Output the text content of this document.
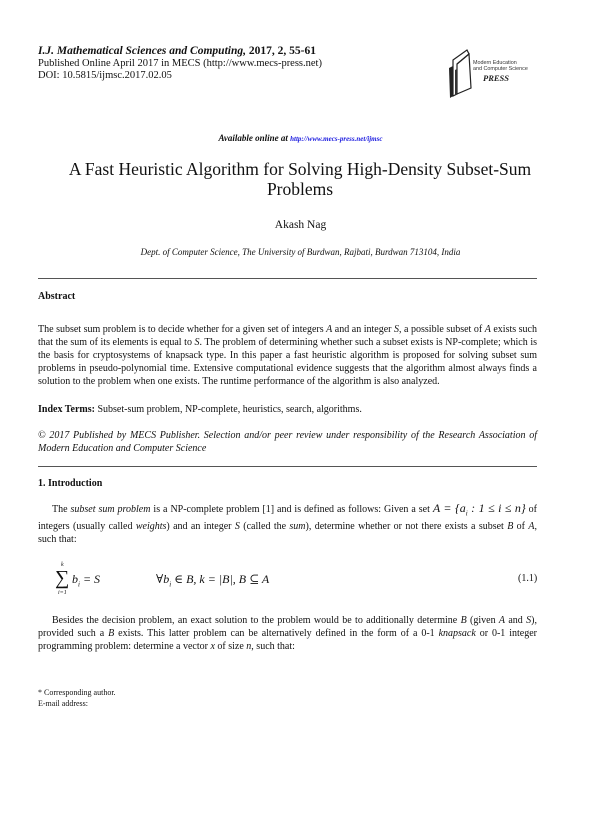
I.J. Mathematical Sciences and Computing, 2017, 2, 55-61
Published Online April 2017 in MECS (http://www.mecs-press.net)
DOI: 10.5815/ijmsc.2017.02.05
Modern Education
and Computer Science
PRESS
Available online at http://www.mecs-press.net/ijmsc
A Fast Heuristic Algorithm for Solving High-Density Subset-Sum Problems
Akash Nag
Dept. of Computer Science, The University of Burdwan, Rajbati, Burdwan 713104, India
Abstract
The subset sum problem is to decide whether for a given set of integers A and an integer S, a possible subset of A exists such that the sum of its elements is equal to S. The problem of determining whether such a subset exists is NP-complete; which is the basis for cryptosystems of knapsack type. In this paper a fast heuristic algorithm is proposed for solving subset sum problems in pseudo-polynomial time. Extensive computational evidence suggests that the algorithm almost always finds a solution to the problem when one exists. The runtime performance of the algorithm is also analyzed.
Index Terms: Subset-sum problem, NP-complete, heuristics, search, algorithms.
© 2017 Published by MECS Publisher. Selection and/or peer review under responsibility of the Research Association of Modern Education and Computer Science
1. Introduction
The subset sum problem is a NP-complete problem [1] and is defined as follows: Given a set $A = \{a_i$ : 1 ≤ i ≤ n} of integers (usually called weights) and an integer S (called the sum), determine whether or not there exists a subset B of A, such that:
k
∑
i=1
$b_i = S$	$\forall b_i$ ∈ B, k = |B|, B ⊆ A	(1.1)
Besides the decision problem, an exact solution to the problem would be to additionally determine B (given A and S), provided such a B exists. This latter problem can be alternatively defined in the form of a 0-1 knapsack or 0-1 integer programming problem: determine a vector x of size n, such that:
* Corresponding author.
E-mail address:
